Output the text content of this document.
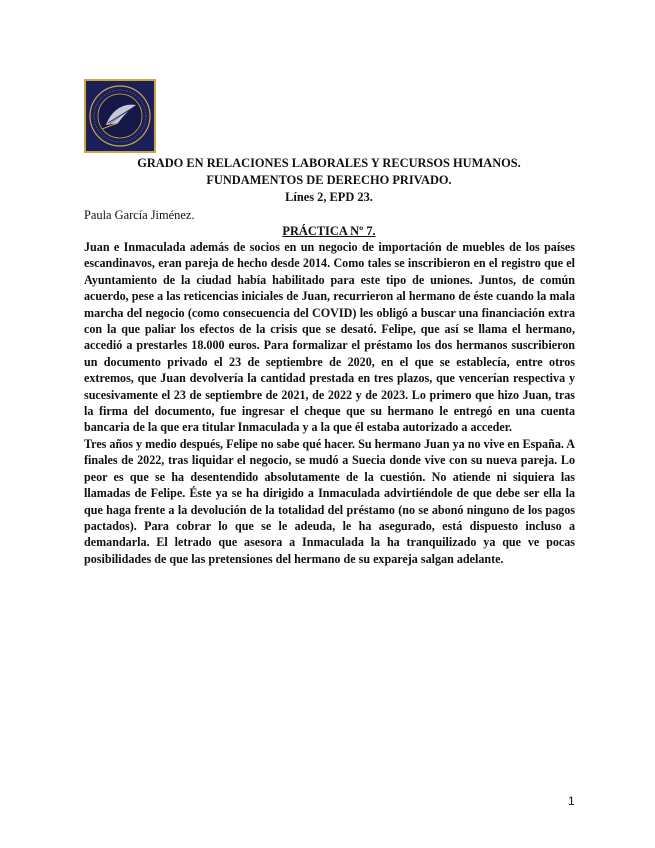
GRADO EN RELACIONES LABORALES Y RECURSOS HUMANOS.
FUNDAMENTOS DE DERECHO PRIVADO.
Línes 2, EPD 23.
Paula García Jiménez.
PRÁCTICA Nº 7.

Juan e Inmaculada además de socios en un negocio de importación de muebles de los países escandinavos, eran pareja de hecho desde 2014. Como tales se inscribieron en el registro que el Ayuntamiento de la ciudad había habilitado para este tipo de uniones. Juntos, de común acuerdo, pese a las reticencias iniciales de Juan, recurrieron al hermano de éste cuando la mala marcha del negocio (como consecuencia del COVID) les obligó a buscar una financiación extra con la que paliar los efectos de la crisis que se desató. Felipe, que así se llama el hermano, accedió a prestarles 18.000 euros. Para formalizar el préstamo los dos hermanos suscribieron un documento privado el 23 de septiembre de 2020, en el que se establecía, entre otros extremos, que Juan devolvería la cantidad prestada en tres plazos, que vencerían respectiva y sucesivamente el 23 de septiembre de 2021, de 2022 y de 2023. Lo primero que hizo Juan, tras la firma del documento, fue ingresar el cheque que su hermano le entregó en una cuenta bancaria de la que era titular Inmaculada y a la que él estaba autorizado a acceder.

Tres años y medio después, Felipe no sabe qué hacer. Su hermano Juan ya no vive en España. A finales de 2022, tras liquidar el negocio, se mudó a Suecia donde vive con su nueva pareja. Lo peor es que se ha desentendido absolutamente de la cuestión. No atiende ni siquiera las llamadas de Felipe. Éste ya se ha dirigido a Inmaculada advirtiéndole de que debe ser ella la que haga frente a la devolución de la totalidad del préstamo (no se abonó ninguno de los pagos pactados). Para cobrar lo que se le adeuda, le ha asegurado, está dispuesto incluso a demandarla. El letrado que asesora a Inmaculada la ha tranquilizado ya que ve pocas posibilidades de que las pretensiones del hermano de su expareja salgan adelante.

1
